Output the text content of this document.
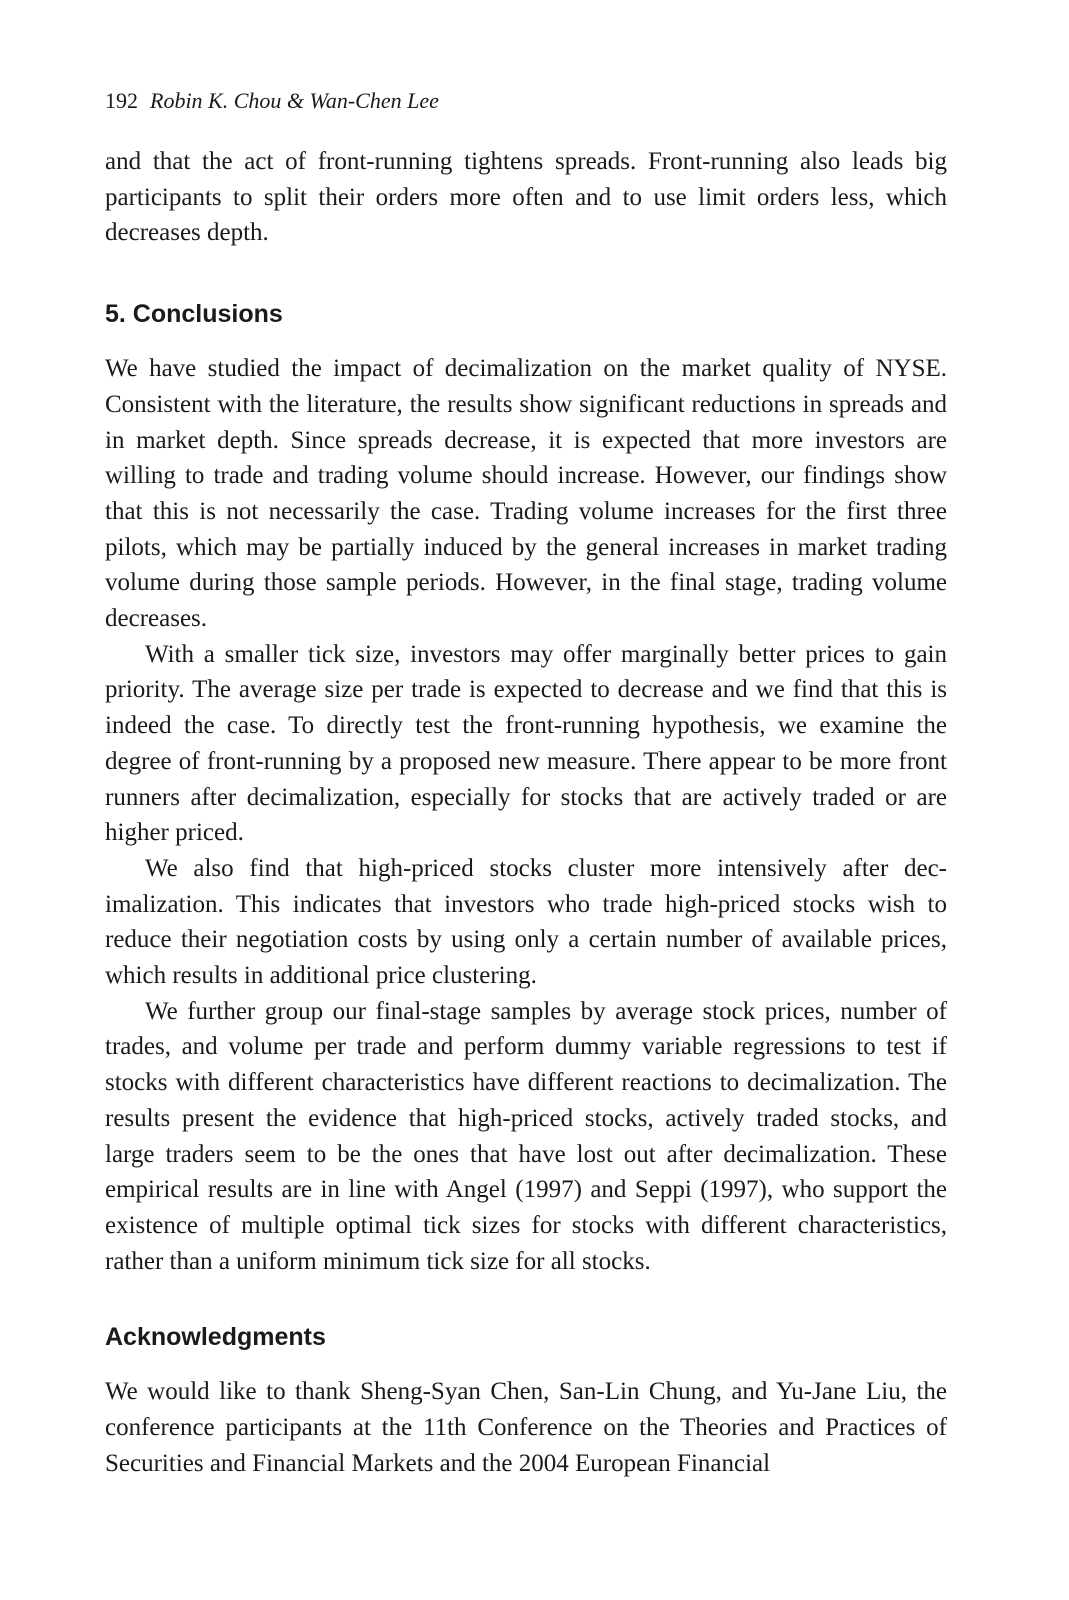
192 Robin K. Chou & Wan-Chen Lee

and that the act of front-running tightens spreads. Front-running also leads big participants to split their orders more often and to use limit orders less, which decreases depth.

5. Conclusions

We have studied the impact of decimalization on the market quality of NYSE. Consistent with the literature, the results show significant reductions in spreads and in market depth. Since spreads decrease, it is expected that more investors are willing to trade and trading volume should increase. However, our findings show that this is not necessarily the case. Trading volume increases for the first three pilots, which may be partially induced by the general increases in market trading volume during those sample periods. However, in the final stage, trading volume decreases.

With a smaller tick size, investors may offer marginally better prices to gain priority. The average size per trade is expected to decrease and we find that this is indeed the case. To directly test the front-running hypothesis, we examine the degree of front-running by a proposed new measure. There appear to be more front runners after decimalization, especially for stocks that are actively traded or are higher priced.

We also find that high-priced stocks cluster more intensively after decimalization. This indicates that investors who trade high-priced stocks wish to reduce their negotiation costs by using only a certain number of available prices, which results in additional price clustering.

We further group our final-stage samples by average stock prices, number of trades, and volume per trade and perform dummy variable regressions to test if stocks with different characteristics have different reactions to decimalization. The results present the evidence that high-priced stocks, actively traded stocks, and large traders seem to be the ones that have lost out after decimalization. These empirical results are in line with Angel (1997) and Seppi (1997), who support the existence of multiple optimal tick sizes for stocks with different characteristics, rather than a uniform minimum tick size for all stocks.

Acknowledgments

We would like to thank Sheng-Syan Chen, San-Lin Chung, and Yu-Jane Liu, the conference participants at the 11th Conference on the Theories and Practices of Securities and Financial Markets and the 2004 European Financial
